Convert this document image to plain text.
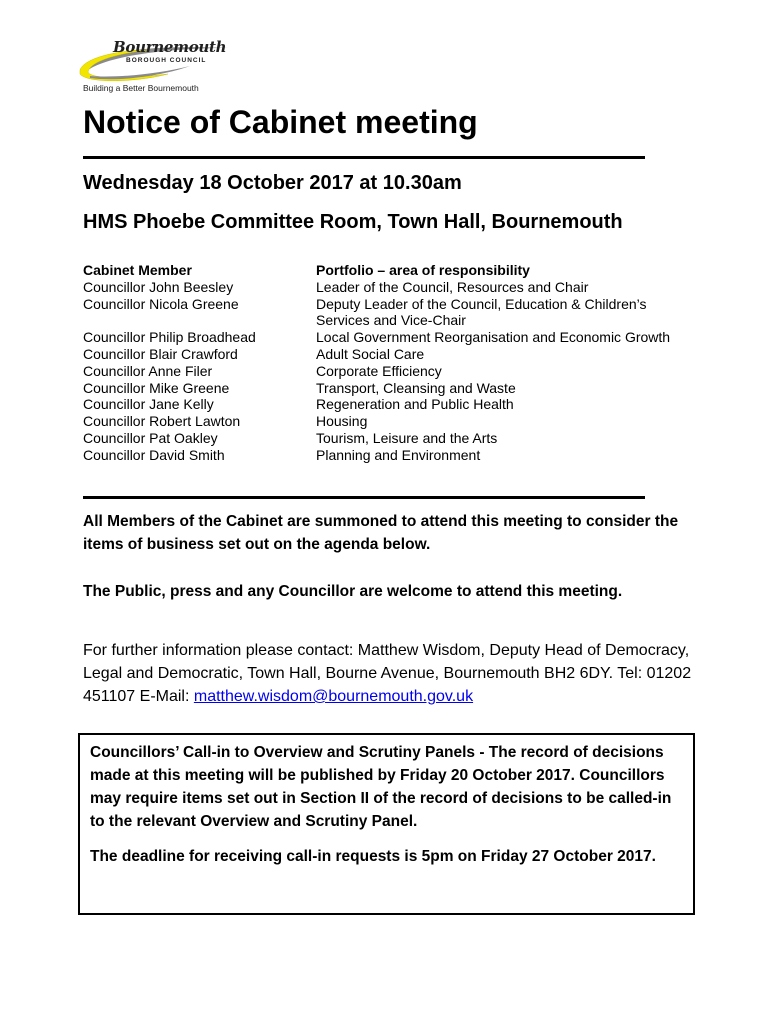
Bournemouth
BOROUGH COUNCIL
Building a Better Bournemouth
Notice of Cabinet meeting
Wednesday 18 October 2017 at 10.30am
HMS Phoebe Committee Room, Town Hall, Bournemouth
Cabinet Member	Portfolio – area of responsibility
Councillor John Beesley	Leader of the Council, Resources and Chair
Councillor Nicola Greene	Deputy Leader of the Council, Education & Children’s Services and Vice-Chair
Councillor Philip Broadhead	Local Government Reorganisation and Economic Growth
Councillor Blair Crawford	Adult Social Care
Councillor Anne Filer	Corporate Efficiency
Councillor Mike Greene	Transport, Cleansing and Waste
Councillor Jane Kelly	Regeneration and Public Health
Councillor Robert Lawton	Housing
Councillor Pat Oakley	Tourism, Leisure and the Arts
Councillor David Smith	Planning and Environment

All Members of the Cabinet are summoned to attend this meeting to consider the items of business set out on the agenda below.

The Public, press and any Councillor are welcome to attend this meeting.

For further information please contact: Matthew Wisdom, Deputy Head of Democracy, Legal and Democratic, Town Hall, Bourne Avenue, Bournemouth BH2 6DY. Tel: 01202 451107 E-Mail: matthew.wisdom@bournemouth.gov.uk

Councillors’ Call-in to Overview and Scrutiny Panels - The record of decisions made at this meeting will be published by Friday 20 October 2017. Councillors may require items set out in Section II of the record of decisions to be called-in to the relevant Overview and Scrutiny Panel.

The deadline for receiving call-in requests is 5pm on Friday 27 October 2017.
